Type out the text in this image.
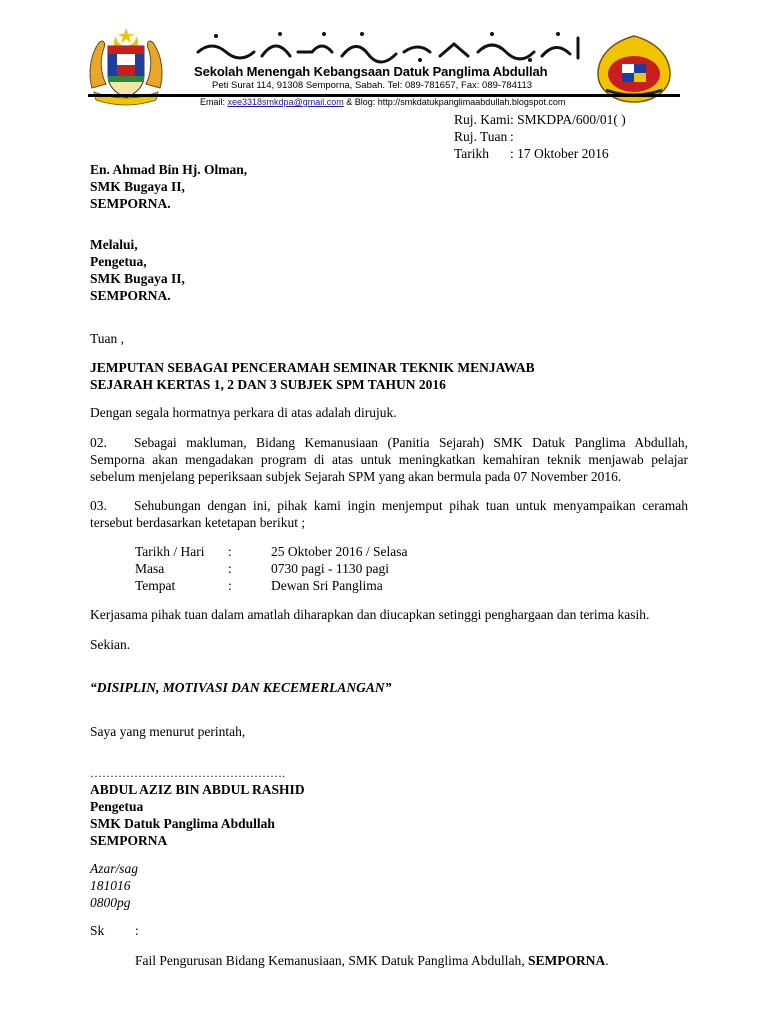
سكوله منڠه كبڠسأن داتوق ڤڠليما عبدالله
Sekolah Menengah Kebangsaan Datuk Panglima Abdullah
Peti Surat 114, 91308 Semporna, Sabah. Tel: 089-781657, Fax: 089-784113
Email: xee3318smkdpa@gmail.com & Blog: http://smkdatukpanglimaabdullah.blogspot.com
Ruj. Kami : SMKDPA/600/01( )
Ruj. Tuan :
Tarikh : 17 Oktober 2016
En. Ahmad Bin Hj. Olman,
SMK Bugaya II,
SEMPORNA.
Melalui,
Pengetua,
SMK Bugaya II,
SEMPORNA.
Tuan ,
JEMPUTAN SEBAGAI PENCERAMAH SEMINAR TEKNIK MENJAWAB
SEJARAH KERTAS 1, 2 DAN 3 SUBJEK SPM TAHUN 2016
Dengan segala hormatnya perkara di atas adalah dirujuk.
02. Sebagai makluman, Bidang Kemanusiaan (Panitia Sejarah) SMK Datuk Panglima Abdullah, Semporna akan mengadakan program di atas untuk meningkatkan kemahiran teknik menjawab pelajar sebelum menjelang peperiksaan subjek Sejarah SPM yang akan bermula pada 07 November 2016.
03. Sehubungan dengan ini, pihak kami ingin menjemput pihak tuan untuk menyampaikan ceramah tersebut berdasarkan ketetapan berikut ;
Tarikh / Hari :	25 Oktober 2016 / Selasa
Masa	:	0730 pagi - 1130 pagi
Tempat	:	Dewan Sri Panglima
Kerjasama pihak tuan dalam amatlah diharapkan dan diucapkan setinggi penghargaan dan terima kasih.
Sekian.
“DISIPLIN, MOTIVASI DAN KECEMERLANGAN”
Saya yang menurut perintah,
………………………………………….
ABDUL AZIZ BIN ABDUL RASHID
Pengetua
SMK Datuk Panglima Abdullah
SEMPORNA
Azar/sag
181016
0800pg
Sk :
Fail Pengurusan Bidang Kemanusiaan, SMK Datuk Panglima Abdullah, SEMPORNA.
